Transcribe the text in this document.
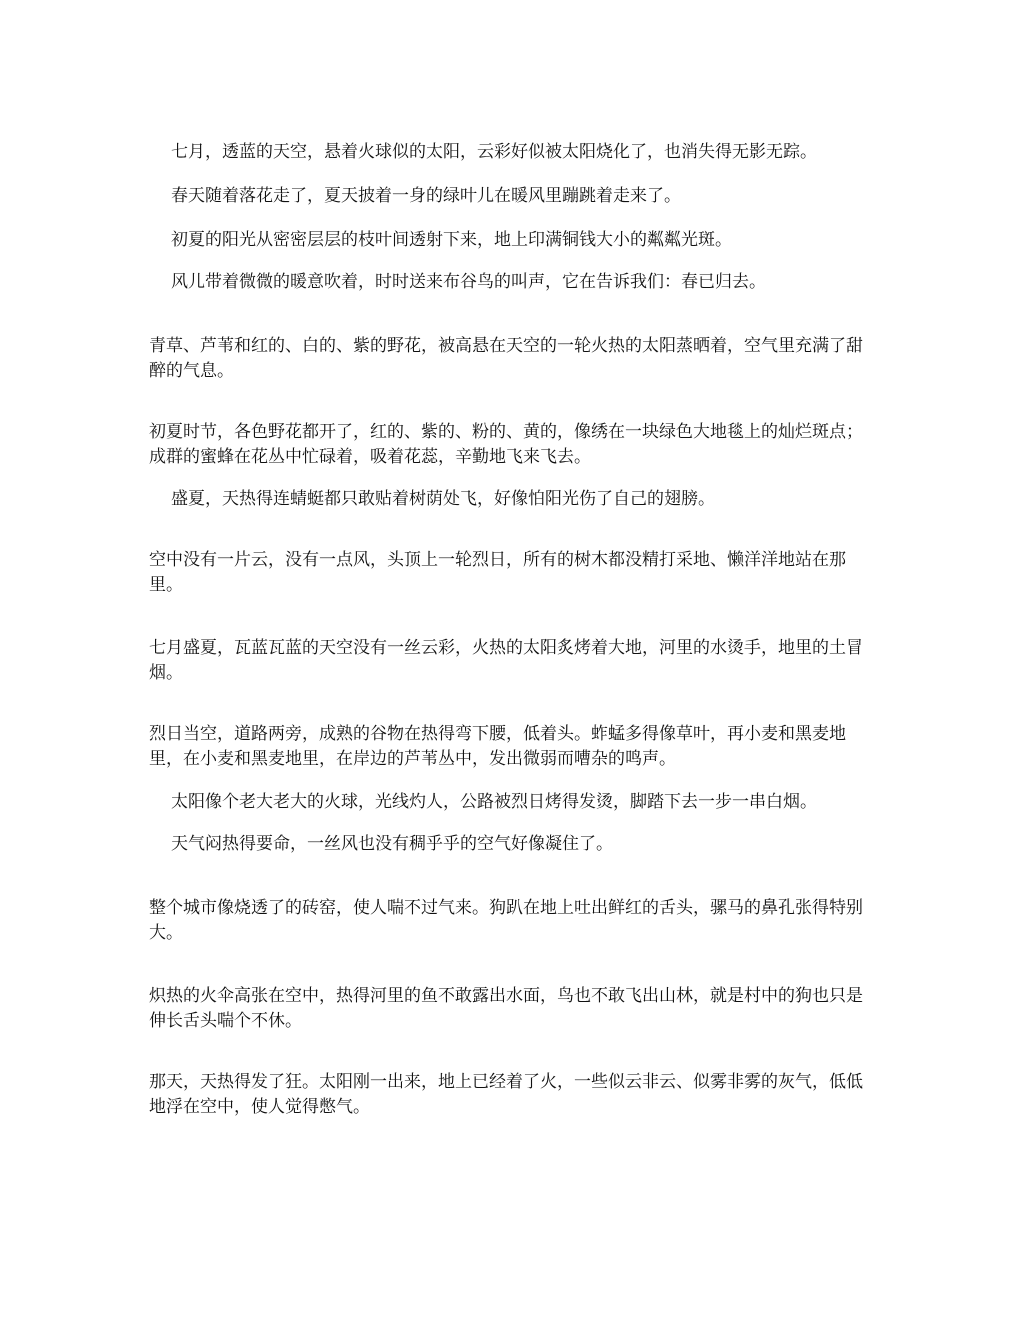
七月，透蓝的天空，悬着火球似的太阳，云彩好似被太阳烧化了，也消失得无影无踪。
春天随着落花走了，夏天披着一身的绿叶儿在暖风里蹦跳着走来了。
初夏的阳光从密密层层的枝叶间透射下来，地上印满铜钱大小的粼粼光斑。
风儿带着微微的暖意吹着，时时送来布谷鸟的叫声，它在告诉我们：春已归去。
青草、芦苇和红的、白的、紫的野花，被高悬在天空的一轮火热的太阳蒸晒着，空气里充满了甜醉的气息。
初夏时节，各色野花都开了，红的、紫的、粉的、黄的，像绣在一块绿色大地毯上的灿烂斑点；成群的蜜蜂在花丛中忙碌着，吸着花蕊，辛勤地飞来飞去。
盛夏，天热得连蜻蜓都只敢贴着树荫处飞，好像怕阳光伤了自己的翅膀。
空中没有一片云，没有一点风，头顶上一轮烈日，所有的树木都没精打采地、懒洋洋地站在那里。
七月盛夏，瓦蓝瓦蓝的天空没有一丝云彩，火热的太阳炙烤着大地，河里的水烫手，地里的土冒烟。
烈日当空，道路两旁，成熟的谷物在热得弯下腰，低着头。蚱蜢多得像草叶，再小麦和黑麦地里，在小麦和黑麦地里，在岸边的芦苇丛中，发出微弱而嘈杂的鸣声。
太阳像个老大老大的火球，光线灼人，公路被烈日烤得发烫，脚踏下去一步一串白烟。
天气闷热得要命，一丝风也没有稠乎乎的空气好像凝住了。
整个城市像烧透了的砖窑，使人喘不过气来。狗趴在地上吐出鲜红的舌头，骡马的鼻孔张得特别大。
炽热的火伞高张在空中，热得河里的鱼不敢露出水面，鸟也不敢飞出山林，就是村中的狗也只是伸长舌头喘个不休。
那天，天热得发了狂。太阳刚一出来，地上已经着了火，一些似云非云、似雾非雾的灰气，低低地浮在空中，使人觉得憋气。
